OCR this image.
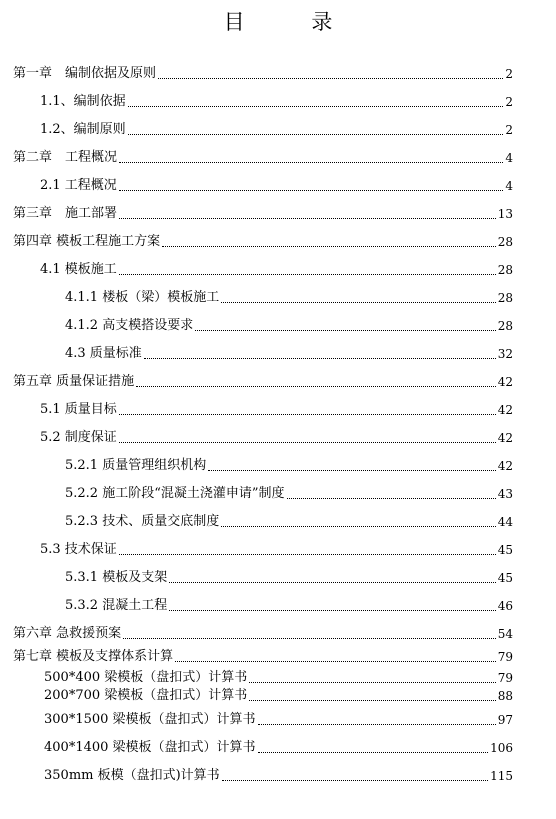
目 录
第一章　编制依据及原则	2
1.1、编制依据	2
1.2、编制原则	2
第二章　工程概况	4
2.1 工程概况	4
第三章　施工部署	13
第四章 模板工程施工方案	28
4.1 模板施工	28
4.1.1 楼板（梁）模板施工	28
4.1.2 高支模搭设要求	28
4.3 质量标准	32
第五章 质量保证措施	42
5.1 质量目标	42
5.2 制度保证	42
5.2.1 质量管理组织机构	42
5.2.2 施工阶段“混凝土浇灌申请”制度	43
5.2.3 技术、质量交底制度	44
5.3 技术保证	45
5.3.1 模板及支架	45
5.3.2 混凝土工程	46
第六章 急救援预案	54
第七章 模板及支撑体系计算	79
500*400 梁模板（盘扣式）计算书	79
200*700 梁模板（盘扣式）计算书	88
300*1500 梁模板（盘扣式）计算书	97
400*1400 梁模板（盘扣式）计算书	106
350mm 板模（盘扣式)计算书	115
